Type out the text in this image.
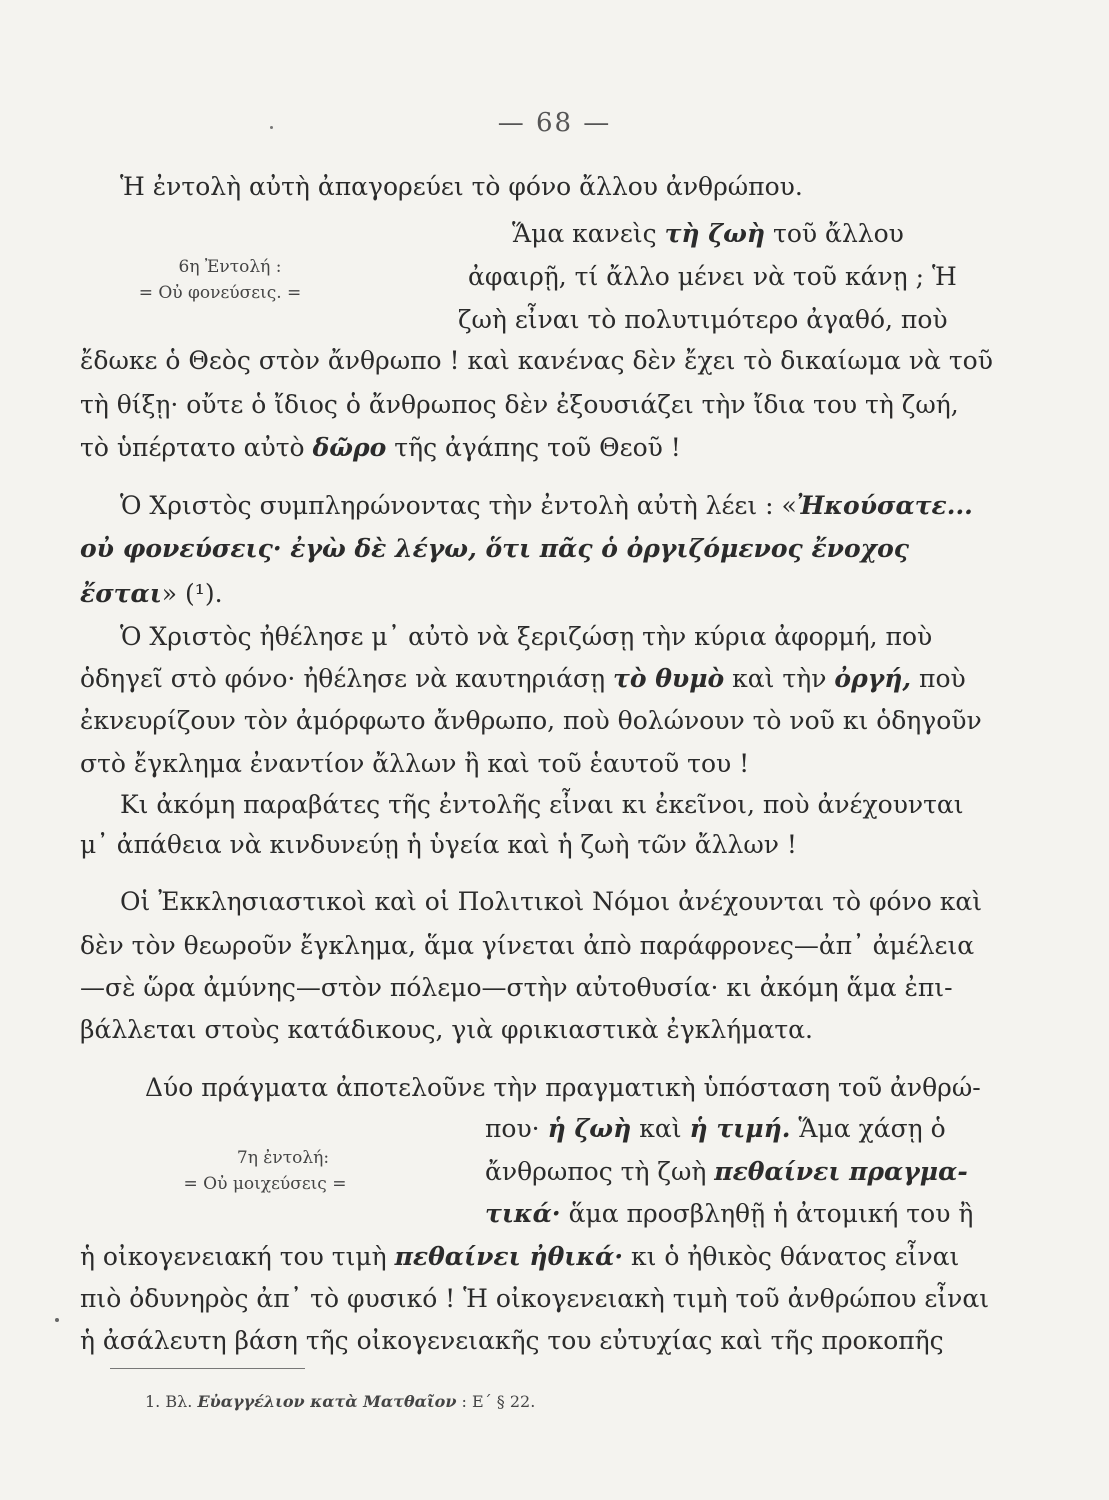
— 68 —
Ἡ ἐντολὴ αὐτὴ ἀπαγορεύει τὸ φόνο ἄλλου ἀνθρώπου.
Ἅμα κανεὶς τὴ ζωὴ τοῦ ἄλλου
6η Ἐντολή :
= Οὐ φονεύσεις. =
ἀφαιρῇ, τί ἄλλο μένει νὰ τοῦ κάνῃ ; Ἡ
ζωὴ εἶναι τὸ πολυτιμότερο ἀγαθό, ποὺ
ἔδωκε ὁ Θεὸς στὸν ἄνθρωπο ! καὶ κανένας δὲν ἔχει τὸ δικαίωμα νὰ τοῦ
τὴ θίξῃ· οὔτε ὁ ἴδιος ὁ ἄνθρωπος δὲν ἐξουσιάζει τὴν ἴδια του τὴ ζωή,
τὸ ὑπέρτατο αὐτὸ δῶρο τῆς ἀγάπης τοῦ Θεοῦ !
Ὁ Χριστὸς συμπληρώνοντας τὴν ἐντολὴ αὐτὴ λέει : «Ἠκούσατε...
οὐ φονεύσεις· ἐγὼ δὲ λέγω, ὅτι πᾶς ὁ ὀργιζόμενος ἔνοχος
ἔσται» (¹).
Ὁ Χριστὸς ἠθέλησε μ᾽ αὐτὸ νὰ ξεριζώσῃ τὴν κύρια ἀφορμή, ποὺ
ὁδηγεῖ στὸ φόνο· ἠθέλησε νὰ καυτηριάσῃ τὸ θυμὸ καὶ τὴν ὀργή, ποὺ
ἐκνευρίζουν τὸν ἀμόρφωτο ἄνθρωπο, ποὺ θολώνουν τὸ νοῦ κι ὁδηγοῦν
στὸ ἔγκλημα ἐναντίον ἄλλων ἢ καὶ τοῦ ἑαυτοῦ του !
Κι ἀκόμη παραβάτες τῆς ἐντολῆς εἶναι κι ἐκεῖνοι, ποὺ ἀνέχουνται
μ᾽ ἀπάθεια νὰ κινδυνεύῃ ἡ ὑγεία καὶ ἡ ζωὴ τῶν ἄλλων !
Οἱ Ἐκκλησιαστικοὶ καὶ οἱ Πολιτικοὶ Νόμοι ἀνέχουνται τὸ φόνο καὶ
δὲν τὸν θεωροῦν ἔγκλημα, ἅμα γίνεται ἀπὸ παράφρονες—ἀπ᾽ ἀμέλεια
—σὲ ὥρα ἀμύνης—στὸν πόλεμο—στὴν αὐτοθυσία· κι ἀκόμη ἅμα ἐπι-
βάλλεται στοὺς κατάδικους, γιὰ φρικιαστικὰ ἐγκλήματα.
Δύο πράγματα ἀποτελοῦνε τὴν πραγματικὴ ὑπόσταση τοῦ ἀνθρώ-
που· ἡ ζωὴ καὶ ἡ τιμή. Ἅμα χάσῃ ὁ
7η ἐντολή:
= Οὐ μοιχεύσεις =	ἄνθρωπος τὴ ζωὴ πεθαίνει πραγμα-
τικά· ἅμα προσβληθῇ ἡ ἀτομική του ἢ
ἡ οἰκογενειακή του τιμὴ πεθαίνει ἠθικά· κι ὁ ἠθικὸς θάνατος εἶναι
πιὸ ὀδυνηρὸς ἀπ᾽ τὸ φυσικό ! Ἡ οἰκογενειακὴ τιμὴ τοῦ ἀνθρώπου εἶναι
ἡ ἀσάλευτη βάση τῆς οἰκογενειακῆς του εὐτυχίας καὶ τῆς προκοπῆς
1. Βλ. Εὐαγγέλιον κατὰ Ματθαῖον : Ε΄ § 22.
